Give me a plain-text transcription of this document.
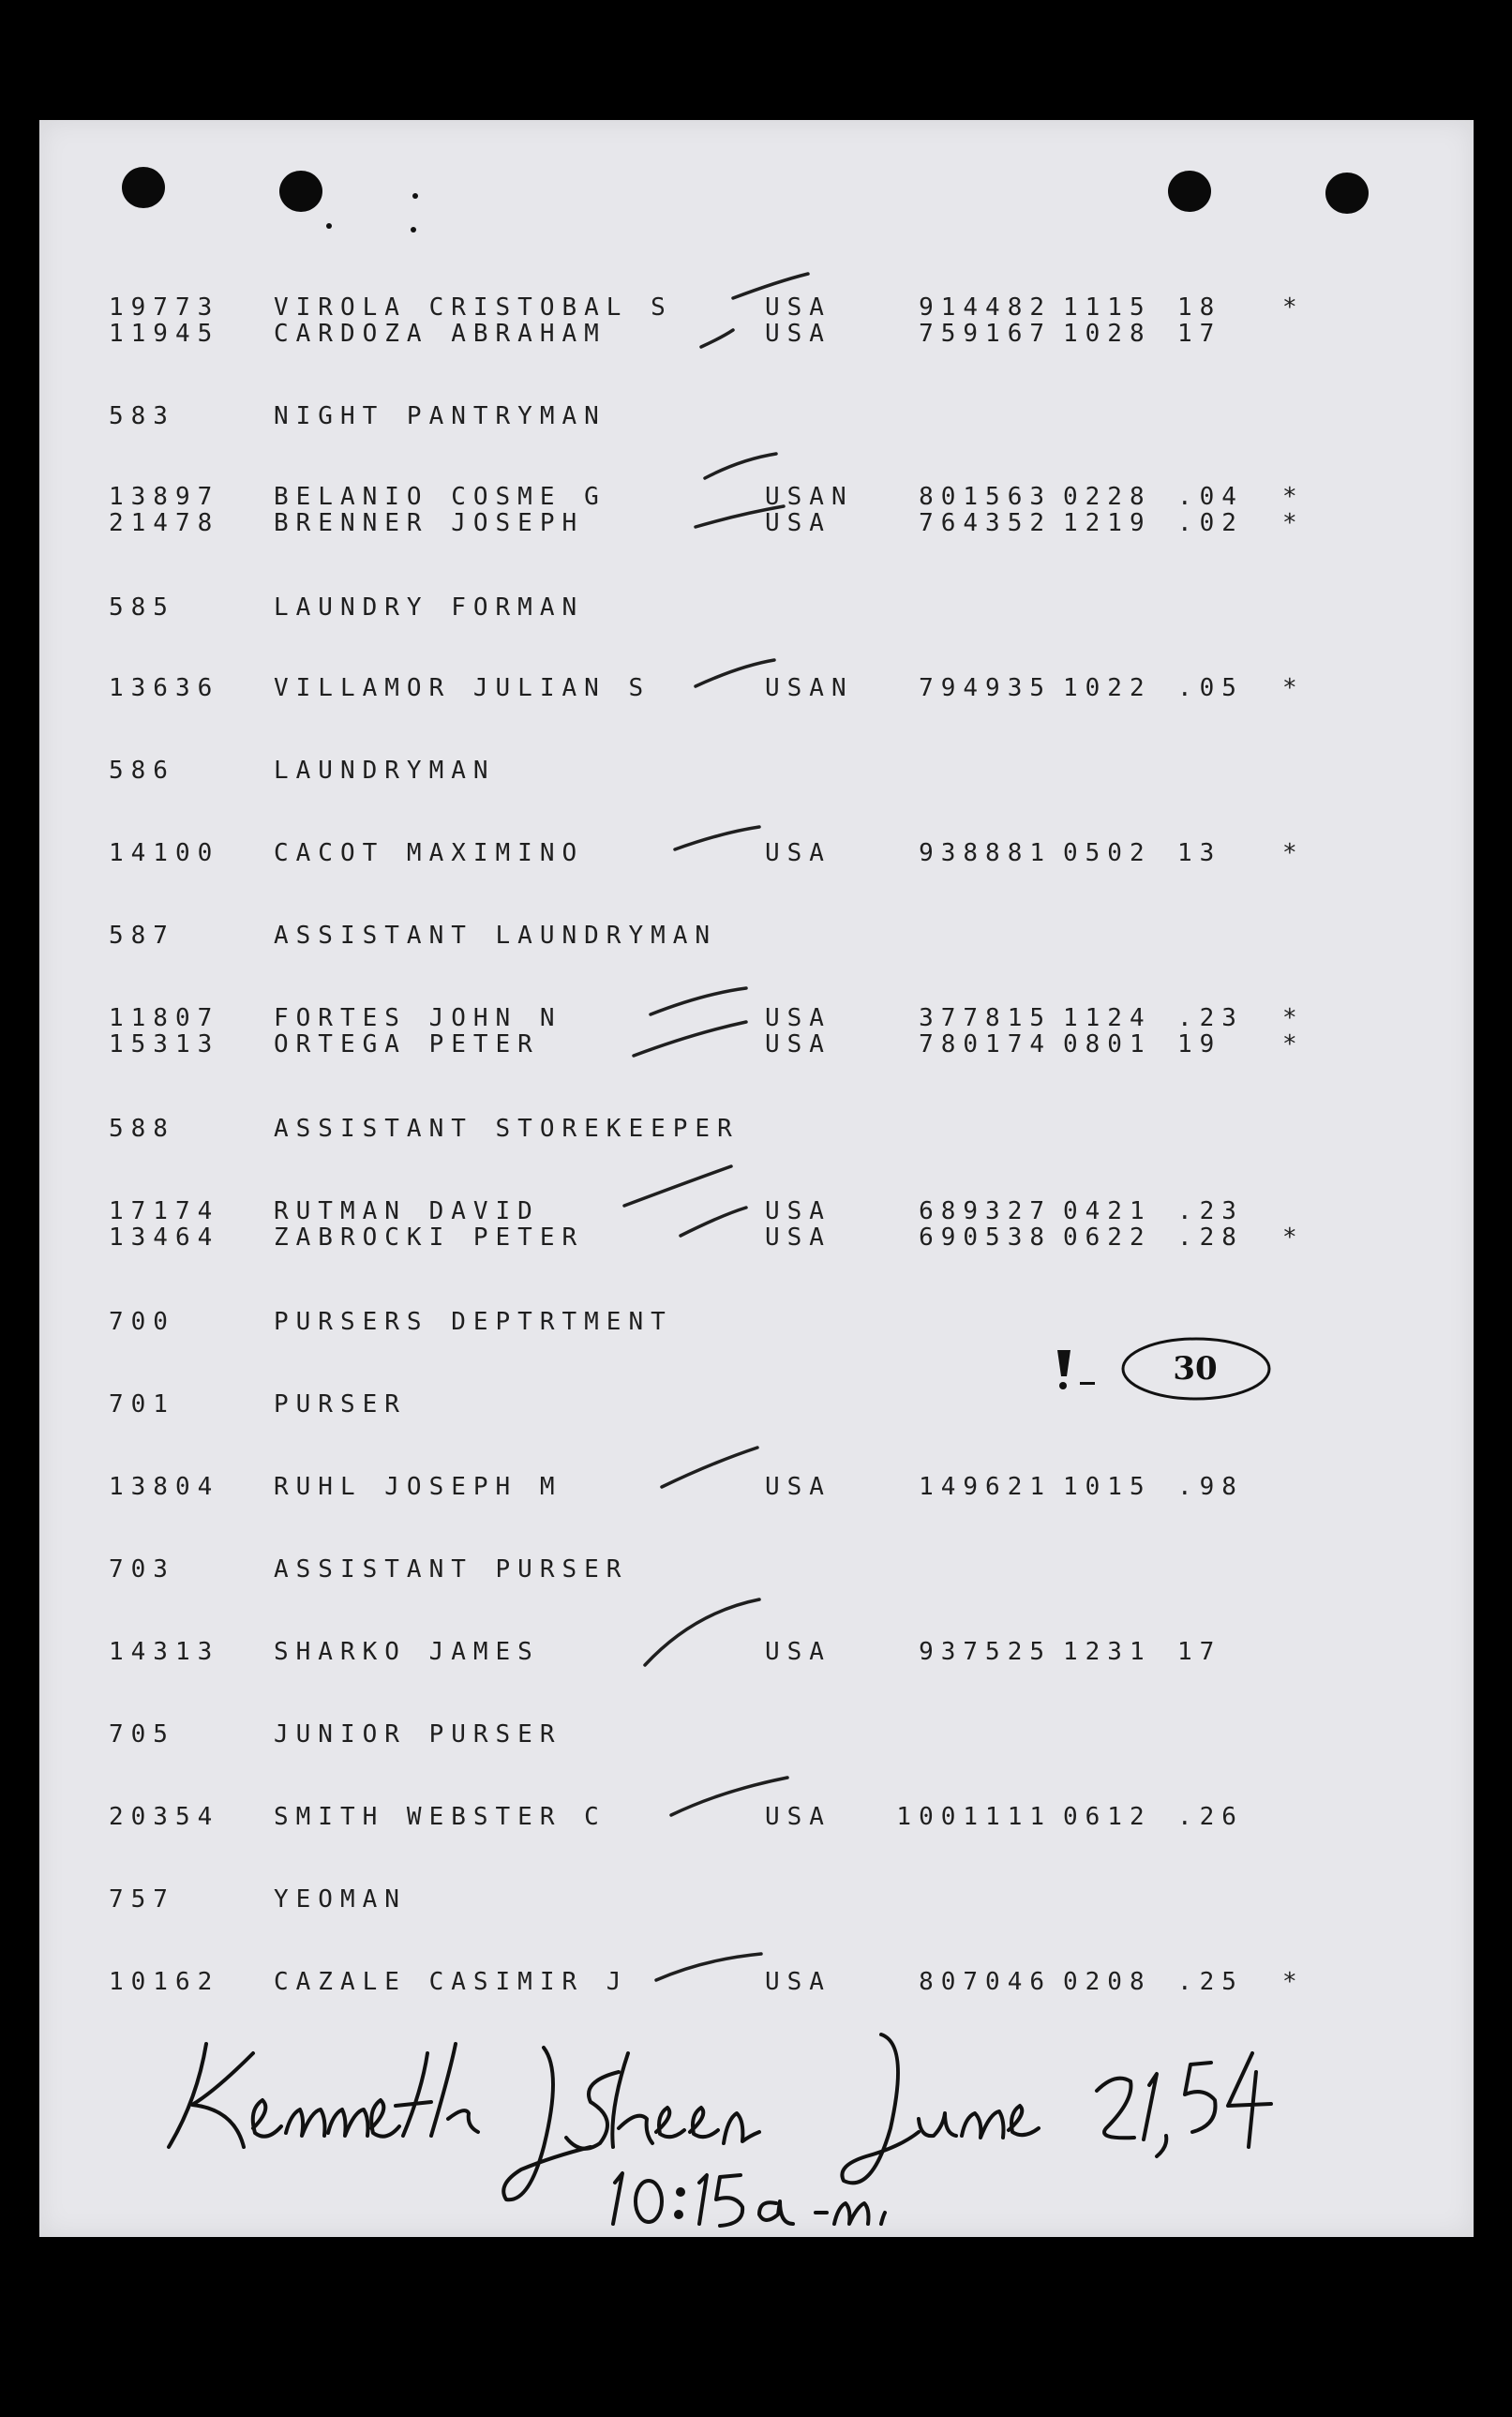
19773 VIROLA CRISTOBAL S	USA	914482 1115 18 *
11945 CARDOZA ABRAHAM	USA	759167 1028 17
583	NIGHT PANTRYMAN
13897 BELANIO COSME G	USAN	801563 0228 .04 *
21478 BRENNER JOSEPH	USA	764352 1219 .02 *
585	LAUNDRY FORMAN
13636 VILLAMOR JULIAN S	USAN	794935 1022 .05 *
586	LAUNDRYMAN
14100 CACOT MAXIMINO	USA	938881 0502 13 *
587	ASSISTANT LAUNDRYMAN
11807 FORTES JOHN N	USA	377815 1124 .23 *
15313 ORTEGA PETER	USA	780174 0801 19 *
588	ASSISTANT STOREKEEPER
17174 RUTMAN DAVID	USA	689327 0421 .23
13464 ZABROCKI PETER	USA	690538 0622 .28 *
700	PURSERS DEPTRTMENT
701	PURSER
13804 RUHL JOSEPH M	USA	149621 1015 .98
703	ASSISTANT PURSER
14313 SHARKO JAMES	USA	937525 1231 17
705	JUNIOR PURSER
20354 SMITH WEBSTER C	USA	1001111 0612 .26
757	YEOMAN
10162 CAZALE CASIMIR J	USA	807046 0208 .25 *
30
